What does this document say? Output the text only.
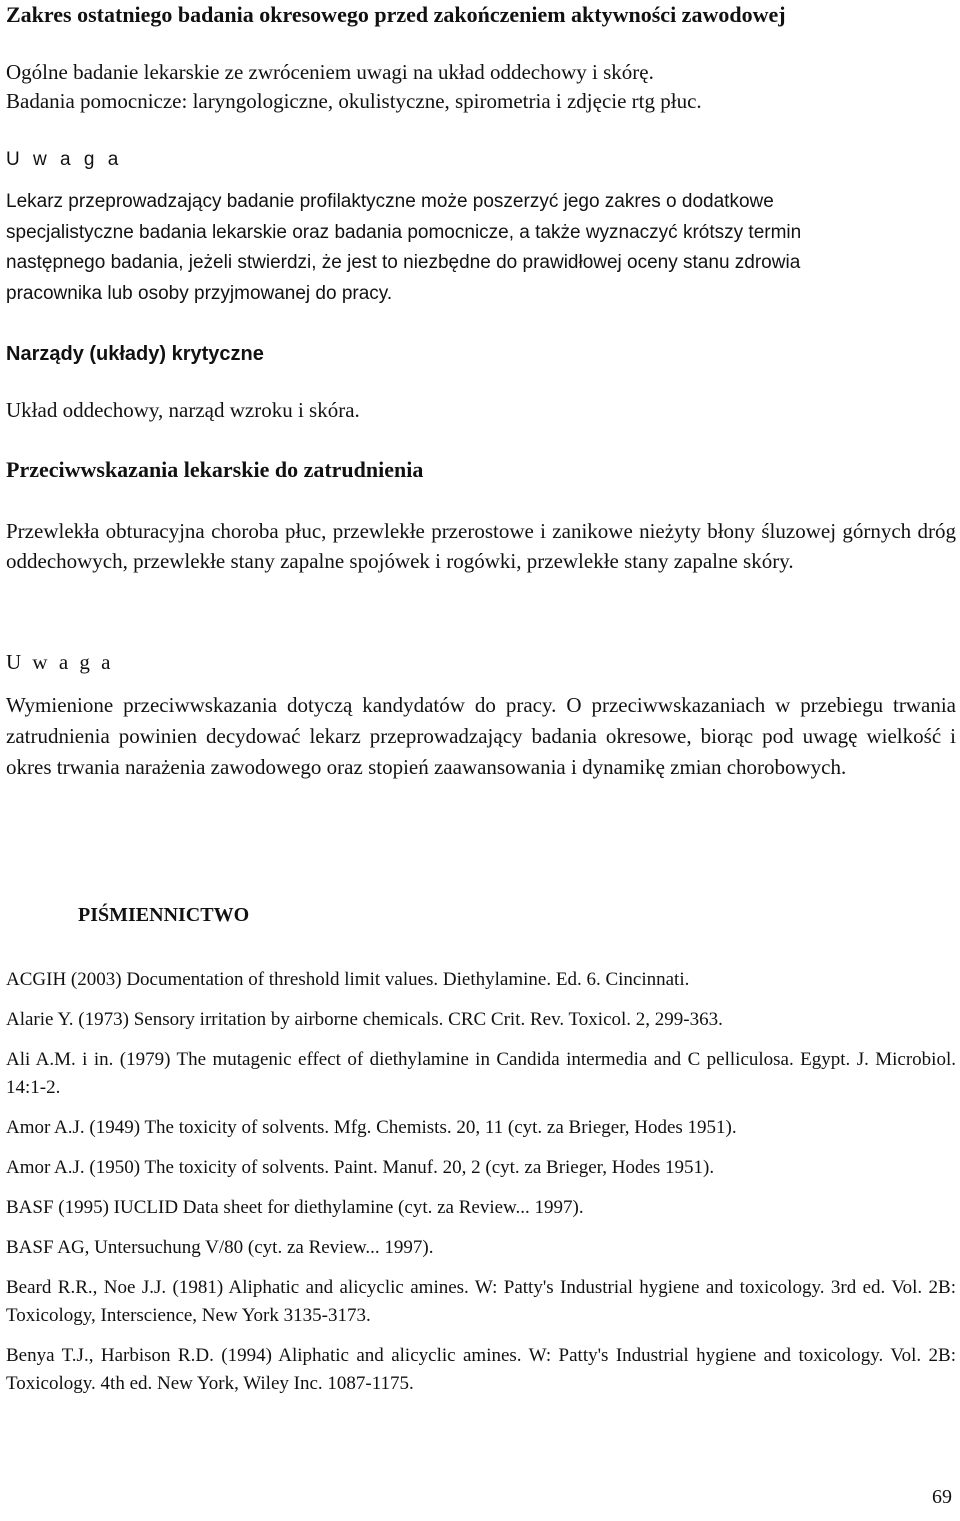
Zakres ostatniego badania okresowego przed zakończeniem aktywności zawodowej
Ogólne badanie lekarskie ze zwróceniem uwagi na układ oddechowy i skórę.
Badania pomocnicze: laryngologiczne, okulistyczne, spirometria i zdjęcie rtg płuc.
U w a g a
Lekarz przeprowadzający badanie profilaktyczne może poszerzyć jego zakres o dodatkowe
specjalistyczne badania lekarskie oraz badania pomocnicze, a także wyznaczyć krótszy termin
następnego badania, jeżeli stwierdzi, że jest to niezbędne do prawidłowej oceny stanu zdrowia
pracownika lub osoby przyjmowanej do pracy.
Narządy (układy) krytyczne

Układ oddechowy, narząd wzroku i skóra.

Przeciwwskazania lekarskie do zatrudnienia

Przewlekła obturacyjna choroba płuc, przewlekłe przerostowe i zanikowe nieżyty błony śluzowej górnych dróg oddechowych, przewlekłe stany zapalne spojówek i rogówki, przewlekłe stany zapalne skóry.

U w a g a

Wymienione przeciwwskazania dotyczą kandydatów do pracy. O przeciwwskazaniach w przebiegu trwania zatrudnienia powinien decydować lekarz przeprowadzający badania okresowe, biorąc pod uwagę wielkość i okres trwania narażenia zawodowego oraz stopień zaawansowania i dynamikę zmian chorobowych.

PIŚMIENNICTWO
ACGIH (2003) Documentation of threshold limit values. Diethylamine. Ed. 6. Cincinnati.
Alarie Y. (1973) Sensory irritation by airborne chemicals. CRC Crit. Rev. Toxicol. 2, 299-363.
Ali A.M. i in. (1979) The mutagenic effect of diethylamine in Candida intermedia and C pelliculosa. Egypt. J. Microbiol. 14:1-2.
Amor A.J. (1949) The toxicity of solvents. Mfg. Chemists. 20, 11 (cyt. za Brieger, Hodes 1951).
Amor A.J. (1950) The toxicity of solvents. Paint. Manuf. 20, 2 (cyt. za Brieger, Hodes 1951).
BASF (1995) IUCLID Data sheet for diethylamine (cyt. za Review... 1997).
BASF AG, Untersuchung V/80 (cyt. za Review... 1997).
Beard R.R., Noe J.J. (1981) Aliphatic and alicyclic amines. W: Patty's Industrial hygiene and toxicology. 3rd ed. Vol. 2B: Toxicology, Interscience, New York 3135-3173.
Benya T.J., Harbison R.D. (1994) Aliphatic and alicyclic amines. W: Patty's Industrial hygiene and toxicology. Vol. 2B: Toxicology. 4th ed. New York, Wiley Inc. 1087-1175.
69
